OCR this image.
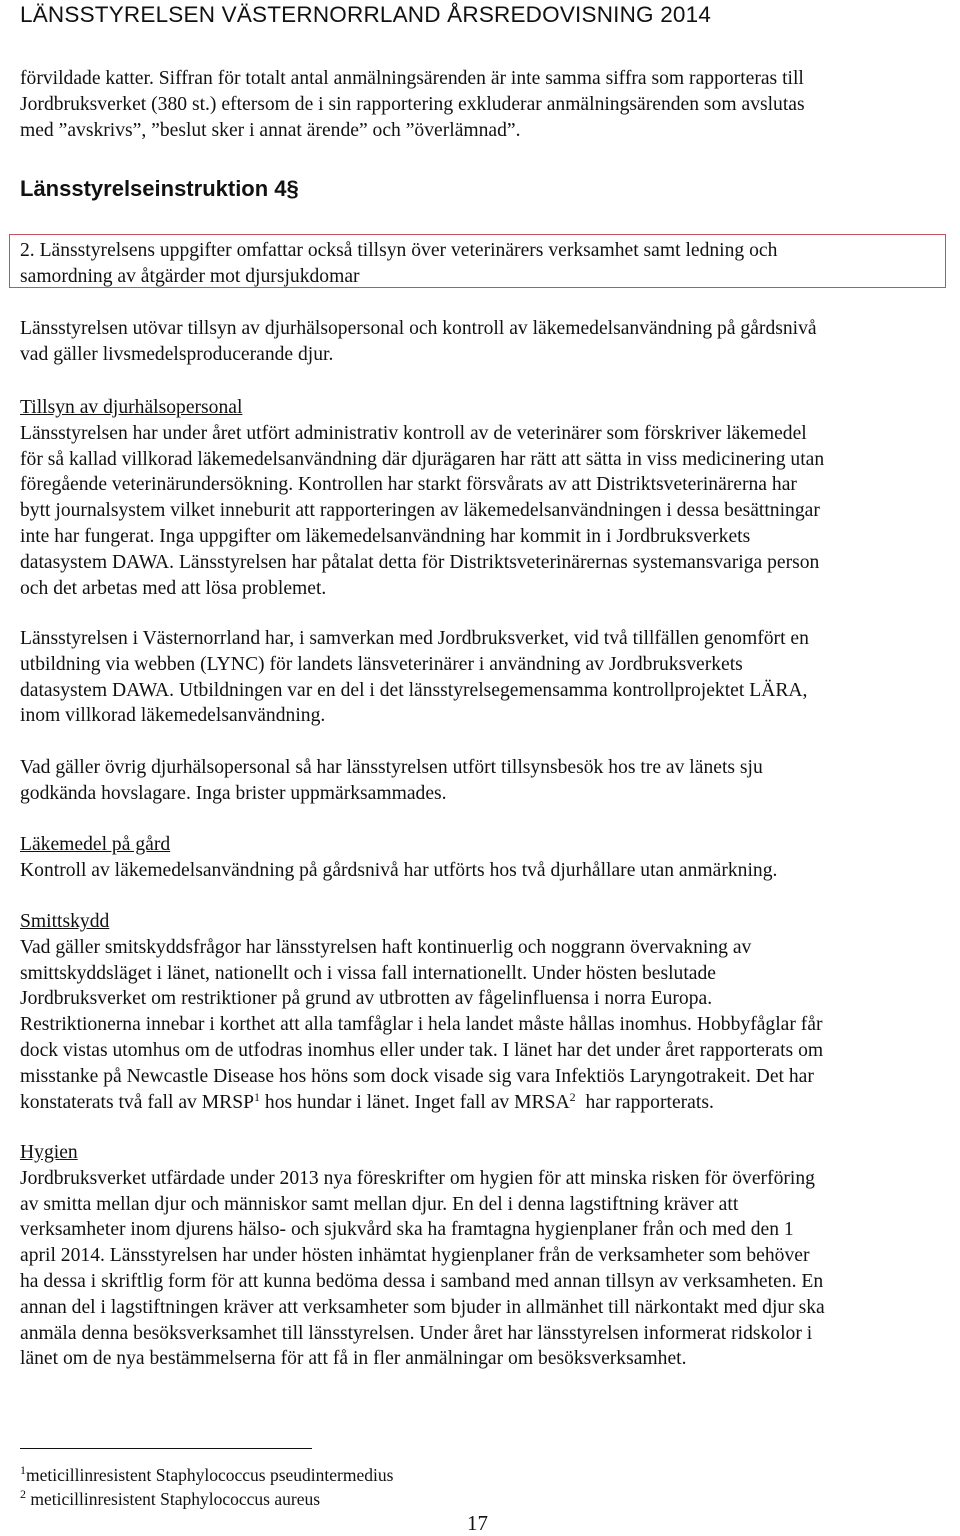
LÄNSSTYRELSEN VÄSTERNORRLAND ÅRSREDOVISNING 2014

förvildade katter. Siffran för totalt antal anmälningsärenden är inte samma siffra som rapporteras till

Jordbruksverket (380 st.) eftersom de i sin rapportering exkluderar anmälningsärenden som avslutas

med ”avskrivs”, ”beslut sker i annat ärende” och ”överlämnad”.

Länsstyrelseinstruktion 4§

2. Länsstyrelsens uppgifter omfattar också tillsyn över veterinärers verksamhet samt ledning och

samordning av åtgärder mot djursjukdomar

Länsstyrelsen utövar tillsyn av djurhälsopersonal och kontroll av läkemedelsanvändning på gårdsnivå

vad gäller livsmedelsproducerande djur.

Tillsyn av djurhälsopersonal

Länsstyrelsen har under året utfört administrativ kontroll av de veterinärer som förskriver läkemedel

för så kallad villkorad läkemedelsanvändning där djurägaren har rätt att sätta in viss medicinering utan

föregående veterinärundersökning. Kontrollen har starkt försvårats av att Distriktsveterinärerna har

bytt journalsystem vilket inneburit att rapporteringen av läkemedelsanvändningen i dessa besättningar

inte har fungerat. Inga uppgifter om läkemedelsanvändning har kommit in i Jordbruksverkets

datasystem DAWA. Länsstyrelsen har påtalat detta för Distriktsveterinärernas systemansvariga person

och det arbetas med att lösa problemet.

Länsstyrelsen i Västernorrland har, i samverkan med Jordbruksverket, vid två tillfällen genomfört en

utbildning via webben (LYNC) för landets länsveterinärer i användning av Jordbruksverkets

datasystem DAWA. Utbildningen var en del i det länsstyrelsegemensamma kontrollprojektet LÄRA,

inom villkorad läkemedelsanvändning.

Vad gäller övrig djurhälsopersonal så har länsstyrelsen utfört tillsynsbesök hos tre av länets sju

godkända hovslagare. Inga brister uppmärksammades.

Läkemedel på gård

Kontroll av läkemedelsanvändning på gårdsnivå har utförts hos två djurhållare utan anmärkning.

Smittskydd

Vad gäller smitskyddsfrågor har länsstyrelsen haft kontinuerlig och noggrann övervakning av

smittskyddsläget i länet, nationellt och i vissa fall internationellt. Under hösten beslutade

Jordbruksverket om restriktioner på grund av utbrotten av fågelinfluensa i norra Europa.

Restriktionerna innebar i korthet att alla tamfåglar i hela landet måste hållas inomhus. Hobbyfåglar får

dock vistas utomhus om de utfodras inomhus eller under tak. I länet har det under året rapporterats om

misstanke på Newcastle Disease hos höns som dock visade sig vara Infektiös Laryngotrakeit. Det har

konstaterats två fall av MRSP$^1$ hos hundar i länet. Inget fall av MRSA$^2$  har rapporterats.

Hygien

Jordbruksverket utfärdade under 2013 nya föreskrifter om hygien för att minska risken för överföring

av smitta mellan djur och människor samt mellan djur. En del i denna lagstiftning kräver att

verksamheter inom djurens hälso- och sjukvård ska ha framtagna hygienplaner från och med den 1

april 2014. Länsstyrelsen har under hösten inhämtat hygienplaner från de verksamheter som behöver

ha dessa i skriftlig form för att kunna bedöma dessa i samband med annan tillsyn av verksamheten. En

annan del i lagstiftningen kräver att verksamheter som bjuder in allmänhet till närkontakt med djur ska

anmäla denna besöksverksamhet till länsstyrelsen. Under året har länsstyrelsen informerat ridskolor i

länet om de nya bestämmelserna för att få in fler anmälningar om besöksverksamhet.

$^1$meticillinresistent Staphylococcus pseudintermedius
$^2$ meticillinresistent Staphylococcus aureus
17
